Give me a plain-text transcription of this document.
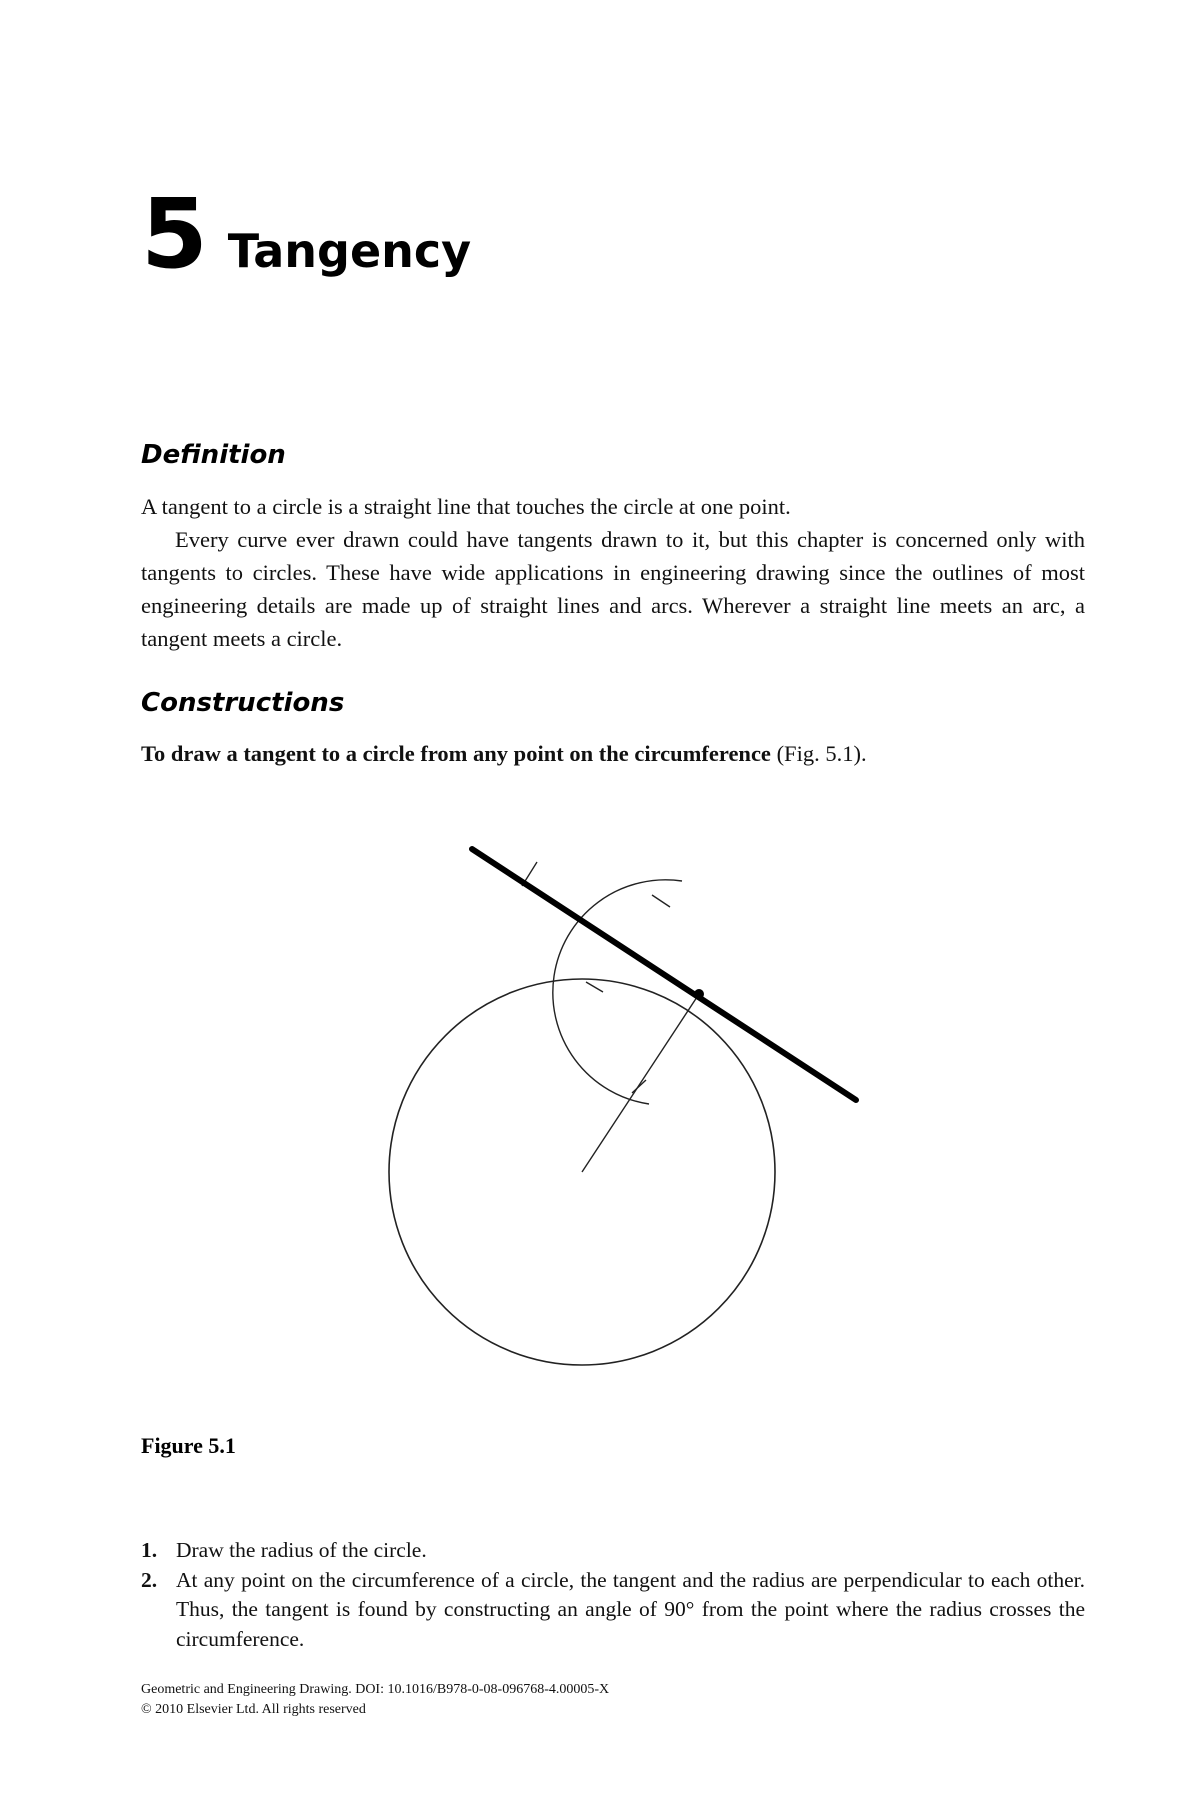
5 Tangency
Definition

A tangent to a circle is a straight line that touches the circle at one point.

Every curve ever drawn could have tangents drawn to it, but this chapter is concerned only with tangents to circles. These have wide applications in engineering drawing since the outlines of most engineering details are made up of straight lines and arcs. Wherever a straight line meets an arc, a tangent meets a circle.

Constructions

To draw a tangent to a circle from any point on the circumference (Fig. 5.1).

Figure 5.1
1. Draw the radius of the circle.
2. At any point on the circumference of a circle, the tangent and the radius are perpendicular to each other. Thus, the tangent is found by constructing an angle of 90° from the point where the radius crosses the circumference.
Geometric and Engineering Drawing. DOI: 10.1016/B978-0-08-096768-4.00005-X
© 2010 Elsevier Ltd. All rights reserved
